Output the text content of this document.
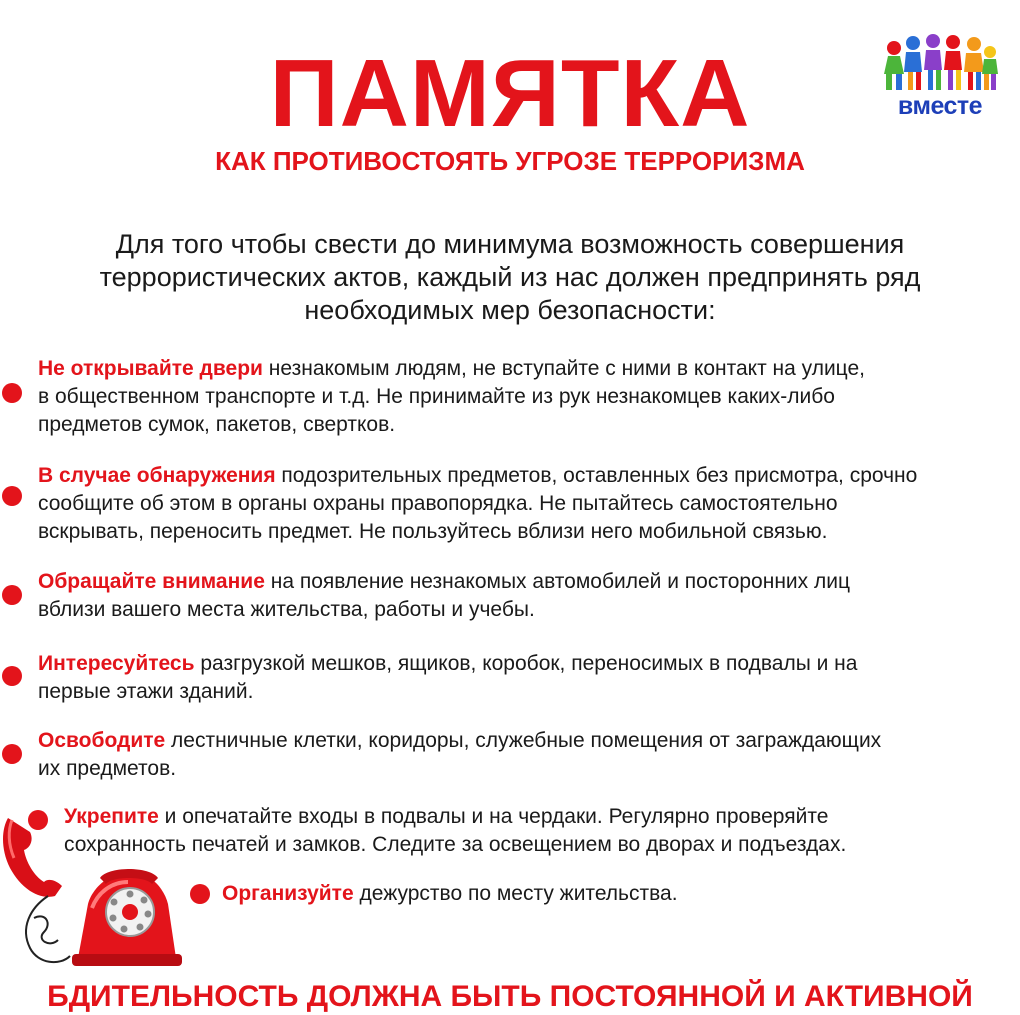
вместе
ПАМЯТКА
КАК ПРОТИВОСТОЯТЬ УГРОЗЕ ТЕРРОРИЗМА
Для того чтобы свести до минимума возможность совершения
террористических актов, каждый из нас должен предпринять ряд
необходимых мер безопасности:
Не открывайте двери незнакомым людям, не вступайте с ними в контакт на улице,
в общественном транспорте и т.д. Не принимайте из рук незнакомцев каких-либо
предметов сумок, пакетов, свертков.
В случае обнаружения подозрительных предметов, оставленных без присмотра, срочно
сообщите об этом в органы охраны правопорядка. Не пытайтесь самостоятельно
вскрывать, переносить предмет. Не пользуйтесь вблизи него мобильной связью.
Обращайте внимание на появление незнакомых автомобилей и посторонних лиц
вблизи вашего места жительства, работы и учебы.
Интересуйтесь разгрузкой мешков, ящиков, коробок, переносимых в подвалы и на
первые этажи зданий.
Освободите лестничные клетки, коридоры, служебные помещения от заграждающих
их предметов.
Укрепите и опечатайте входы в подвалы и на чердаки. Регулярно проверяйте
сохранность печатей и замков. Следите за освещением во дворах и подъездах.
Организуйте дежурство по месту жительства.
БДИТЕЛЬНОСТЬ ДОЛЖНА БЫТЬ ПОСТОЯННОЙ И АКТИВНОЙ
